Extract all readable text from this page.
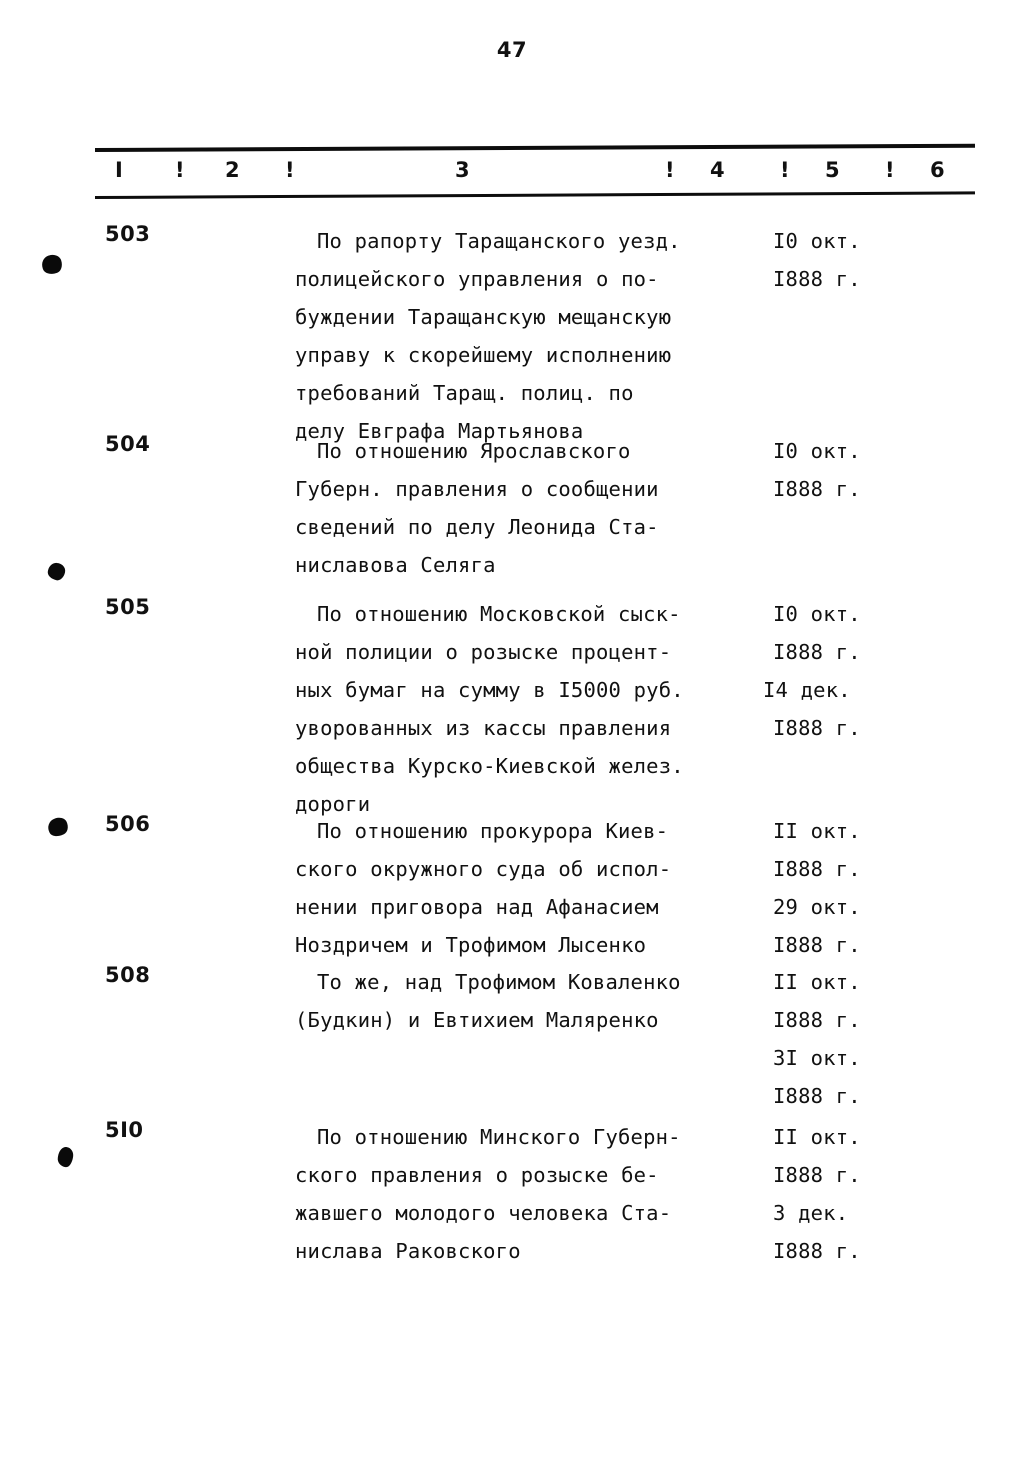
47
I ! 2 !	3	! 4	! 5 ! 6
503	По рапорту Таращанского уезд.	I0 окт.
полицейского управления о по-	I888 г.
буждении Таращанскую мещанскую
управу к скорейшему исполнению
требований Таращ. полиц. по
делу Евграфа Мартьянова
504	По отношению Ярославского	I0 окт.
Губерн. правления о сообщении	I888 г.
сведений по делу Леонида Ста-
ниславова Селяга
505	По отношению Московской сыск-	I0 окт.
ной полиции о розыске процент-	I888 г.
ных бумаг на сумму в I5000 руб.	I4 дек.
уворованных из кассы правления	I888 г.
общества Курско-Киевской желез.
дороги
506	По отношению прокурора Киев-	II окт.
ского окружного суда об испол-	I888 г.
нении приговора над Афанасием	29 окт.
Ноздричем и Трофимом Лысенко	I888 г.
508	То же, над Трофимом Коваленко	II окт.
(Будкин) и Евтихием Маляренко	I888 г.
3I окт.
I888 г.
5I0	По отношению Минского Губерн-	II окт.
ского правления о розыске бе-	I888 г.
жавшего молодого человека Ста-	3 дек.
нислава Раковского	I888 г.
